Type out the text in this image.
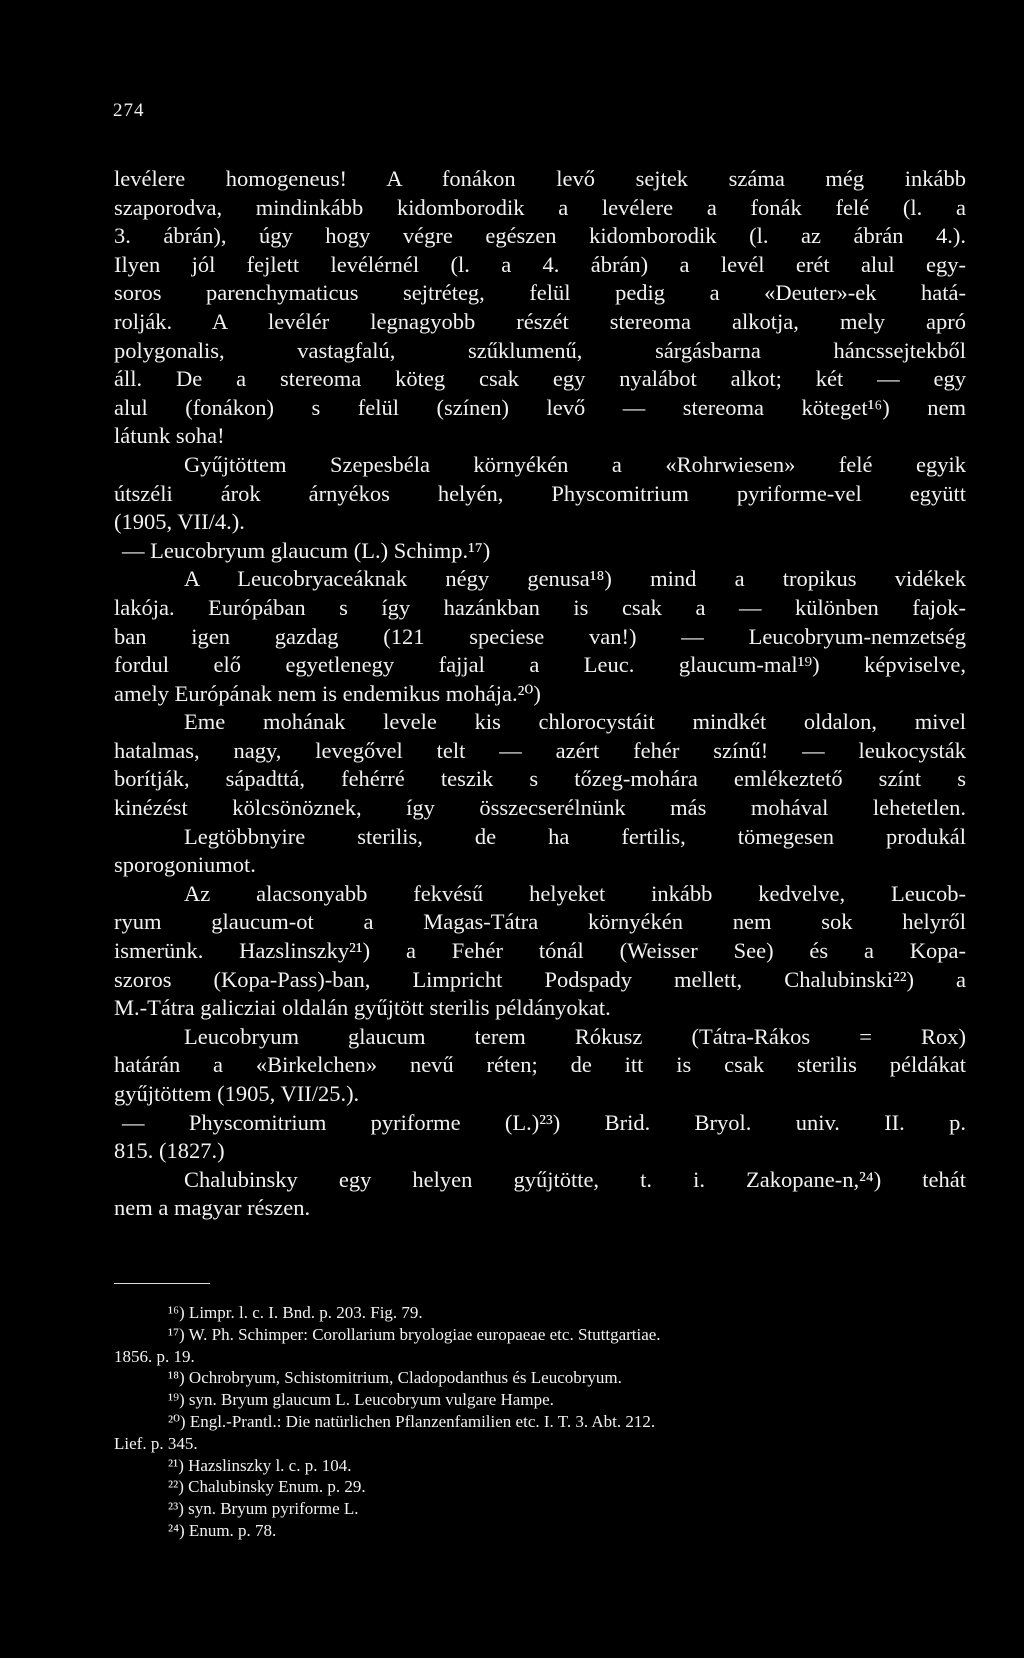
274
levélere homogeneus! A fonákon levő sejtek száma még inkább
szaporodva, mindinkább kidomborodik a levélere a fonák felé (l. a
3. ábrán), úgy hogy végre egészen kidomborodik (l. az ábrán 4.).
Ilyen jól fejlett levélérnél (l. a 4. ábrán) a levél erét alul egy-
soros parenchymaticus sejtréteg, felül pedig a «Deuter»-ek hatá-
rolják. A levélér legnagyobb részét stereoma alkotja, mely apró
polygonalis, vastagfalú, szűklumenű, sárgásbarna háncssejtekből
áll. De a stereoma köteg csak egy nyalábot alkot; két — egy
alul (fonákon) s felül (színen) levő — stereoma köteget¹⁶) nem
látunk soha!
Gyűjtöttem Szepesbéla környékén a «Rohrwiesen» felé egyik
útszéli árok árnyékos helyén, Physcomitrium pyriforme-vel együtt
(1905, VII/4.).
— Leucobryum glaucum (L.) Schimp.¹⁷)
A Leucobryaceáknak négy genusa¹⁸) mind a tropikus vidékek
lakója. Európában s így hazánkban is csak a — különben fajok-
ban igen gazdag (121 speciese van!) — Leucobryum-nemzetség
fordul elő egyetlenegy fajjal a Leuc. glaucum-mal¹⁹) képviselve,
amely Európának nem is endemikus mohája.²⁰)
Eme mohának levele kis chlorocystáit mindkét oldalon, mivel
hatalmas, nagy, levegővel telt — azért fehér színű! — leukocysták
borítják, sápadttá, fehérré teszik s tőzeg-mohára emlékeztető színt s
kinézést kölcsönöznek, így összecserélnünk más mohával lehetetlen.
Legtöbbnyire sterilis, de ha fertilis, tömegesen produkál
sporogoniumot.
Az alacsonyabb fekvésű helyeket inkább kedvelve, Leucob-
ryum glaucum-ot a Magas-Tátra környékén nem sok helyről
ismerünk. Hazslinszky²¹) a Fehér tónál (Weisser See) és a Kopa-
szoros (Kopa-Pass)-ban, Limpricht Podspady mellett, Chalubinski²²) a
M.-Tátra galicziai oldalán gyűjtött sterilis példányokat.
Leucobryum glaucum terem Rókusz (Tátra-Rákos = Rox)
határán a «Birkelchen» nevű réten; de itt is csak sterilis példákat
gyűjtöttem (1905, VII/25.).
— Physcomitrium pyriforme (L.)²³) Brid. Bryol. univ. II. p.
815. (1827.)
Chalubinsky egy helyen gyűjtötte, t. i. Zakopane-n,²⁴) tehát
nem a magyar részen.
¹⁶) Limpr. l. c. I. Bnd. p. 203. Fig. 79.
¹⁷) W. Ph. Schimper: Corollarium bryologiae europaeae etc. Stuttgartiae.
1856. p. 19.
¹⁸) Ochrobryum, Schistomitrium, Cladopodanthus és Leucobryum.
¹⁹) syn. Bryum glaucum L. Leucobryum vulgare Hampe.
²⁰) Engl.-Prantl.: Die natürlichen Pflanzenfamilien etc. I. T. 3. Abt. 212.
Lief. p. 345.
²¹) Hazslinszky l. c. p. 104.
²²) Chalubinsky Enum. p. 29.
²³) syn. Bryum pyriforme L.
²⁴) Enum. p. 78.
